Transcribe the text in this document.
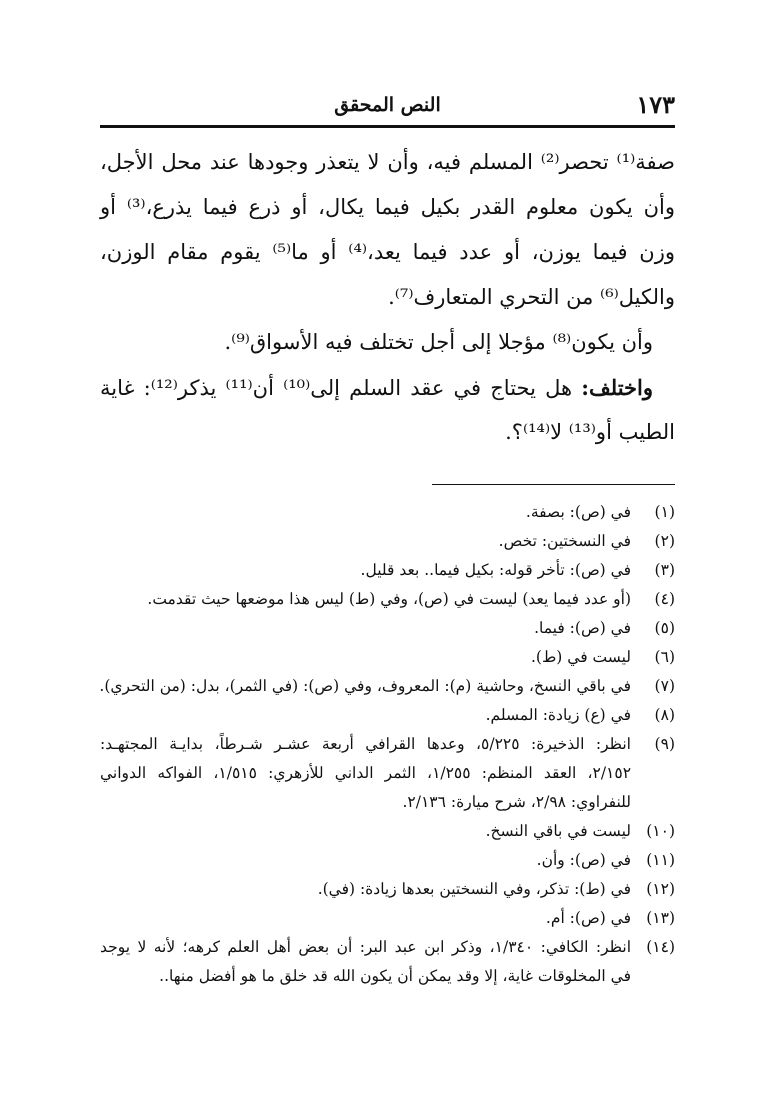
النص المحقق	١٧٣
صفة⁽¹⁾ تحصر⁽²⁾ المسلم فيه، وأن لا يتعذر وجودها عند محل الأجل،
وأن يكون معلوم القدر بكيل فيما يكال، أو ذرع فيما يذرع،⁽³⁾ أو
وزن فيما يوزن، أو عدد فيما يعد،⁽⁴⁾ أو ما⁽⁵⁾ يقوم مقام الوزن،
والكيل⁽⁶⁾ من التحري المتعارف⁽⁷⁾.
وأن يكون⁽⁸⁾ مؤجلا إلى أجل تختلف فيه الأسواق⁽⁹⁾.
واختلف: هل يحتاج في عقد السلم إلى⁽¹⁰⁾ أن⁽¹¹⁾ يذكر⁽¹²⁾: غاية
الطيب أو⁽¹³⁾ لا⁽¹⁴⁾؟.
(١)
في (ص): بصفة.
(٢)
في النسختين: تخص.
(٣)
في (ص): تأخر قوله: بكيل فيما.. بعد قليل.
(٤)
(أو عدد فيما يعد) ليست في (ص)، وفي (ط) ليس هذا موضعها حيث تقدمت.
(٥)
في (ص): فيما.
(٦)
ليست في (ط).
(٧)
في باقي النسخ، وحاشية (م): المعروف، وفي (ص): (في الثمر)، بدل: (من التحري).
(٨)
في (ع) زيادة: المسلم.
(٩)
انظر: الذخيرة: ٥/٢٢٥، وعدها القرافي أربعة عشـر شـرطاً، بدايـة المجتهـد:
٢/١٥٢، العقد المنظم: ١/٢٥٥، الثمر الداني للأزهري: ١/٥١٥، الفواكه الدواني
للنفراوي: ٢/٩٨، شرح ميارة: ٢/١٣٦.
(١٠)
ليست في باقي النسخ.
(١١)
في (ص): وأن.
(١٢)
في (ط): تذكر، وفي النسختين بعدها زيادة: (في).
(١٣)
في (ص): أم.
(١٤)
انظر: الكافي: ١/٣٤٠، وذكر ابن عبد البر: أن بعض أهل العلم كرهه؛ لأنه لا يوجد
في المخلوقات غاية، إلا وقد يمكن أن يكون الله قد خلق ما هو أفضل منها..
